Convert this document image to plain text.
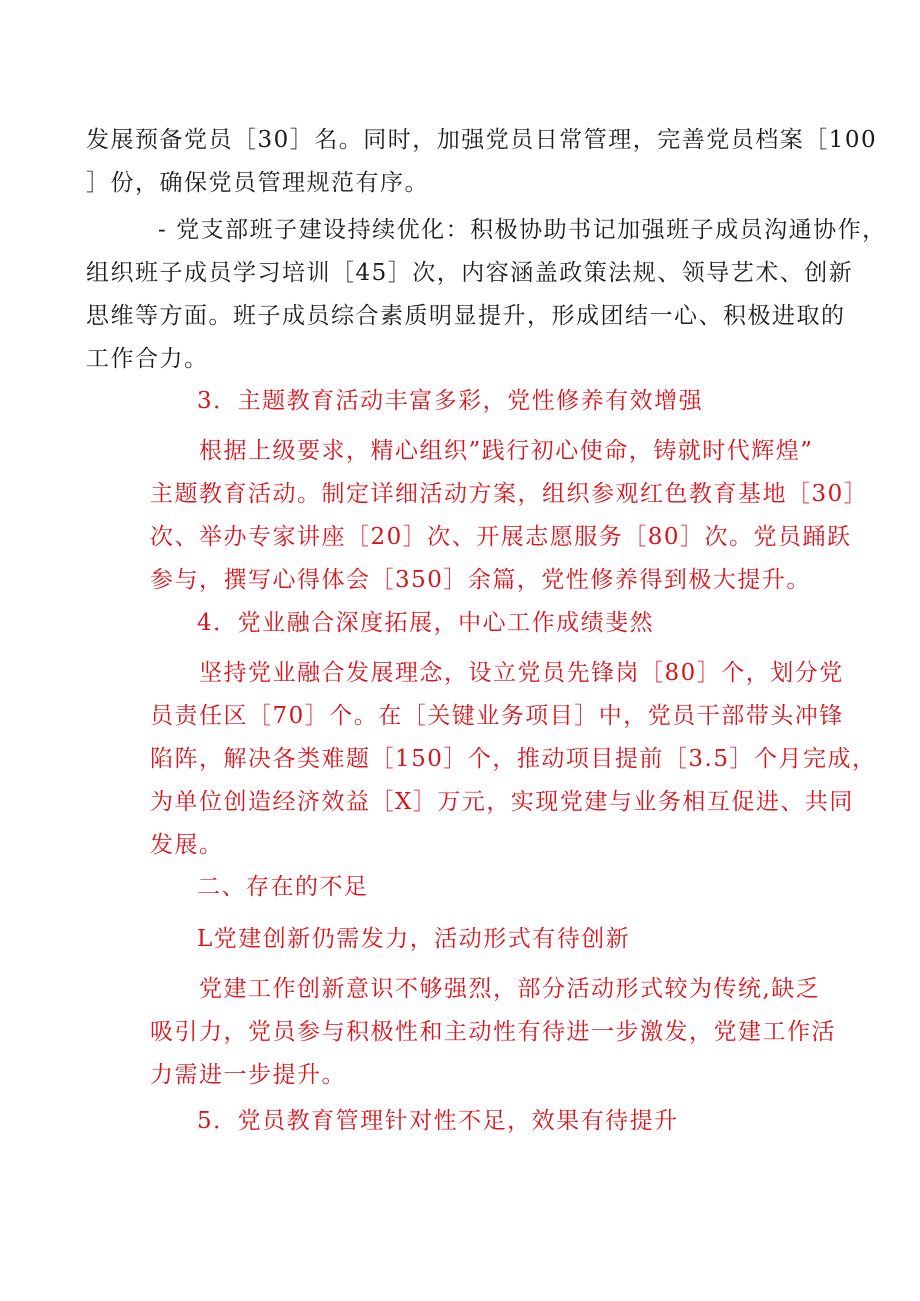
发展预备党员［30］名。同时，加强党员日常管理，完善党员档案［100
］份，确保党员管理规范有序。
- 党支部班子建设持续优化：积极协助书记加强班子成员沟通协作，
组织班子成员学习培训［45］次，内容涵盖政策法规、领导艺术、创新
思维等方面。班子成员综合素质明显提升，形成团结一心、积极进取的
工作合力。
3．主题教育活动丰富多彩，党性修养有效增强
根据上级要求，精心组织”践行初心使命，铸就时代辉煌”
主题教育活动。制定详细活动方案，组织参观红色教育基地［30］
次、举办专家讲座［20］次、开展志愿服务［80］次。党员踊跃
参与，撰写心得体会［350］余篇，党性修养得到极大提升。
4．党业融合深度拓展，中心工作成绩斐然
坚持党业融合发展理念，设立党员先锋岗［80］个，划分党
员责任区［70］个。在［关键业务项目］中，党员干部带头冲锋
陷阵，解决各类难题［150］个，推动项目提前［3.5］个月完成，
为单位创造经济效益［X］万元，实现党建与业务相互促进、共同
发展。
二、存在的不足
L党建创新仍需发力，活动形式有待创新
党建工作创新意识不够强烈，部分活动形式较为传统,缺乏
吸引力，党员参与积极性和主动性有待进一步激发，党建工作活
力需进一步提升。
5．党员教育管理针对性不足，效果有待提升
